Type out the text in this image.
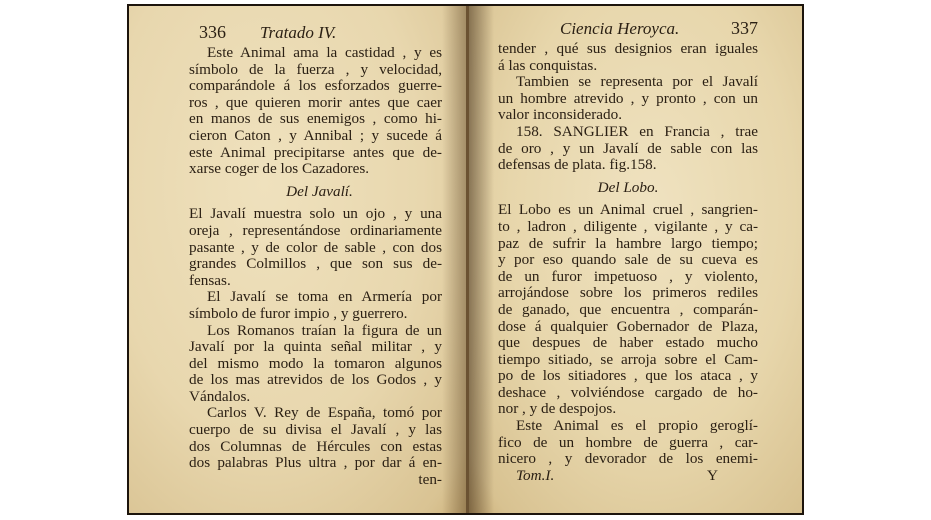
336 Tratado IV.
Este Animal ama la castidad , y es
símbolo de la fuerza , y velocidad,
comparándole á los esforzados guerre-
ros , que quieren morir antes que caer
en manos de sus enemigos , como hi-
cieron Caton , y Annibal ; y sucede á
este Animal precipitarse antes que de-
xarse coger de los Cazadores.
Del Javalí.
El Javalí muestra solo un ojo , y una
oreja , representándose ordinariamente
pasante , y de color de sable , con dos
grandes Colmillos , que son sus de-
fensas.
El Javalí se toma en Armería por
símbolo de furor impio , y guerrero.
Los Romanos traían la figura de un
Javalí por la quinta señal militar , y
del mismo modo la tomaron algunos
de los mas atrevidos de los Godos , y
Vándalos.
Carlos V. Rey de España, tomó por
cuerpo de su divisa el Javalí , y las
dos Columnas de Hércules con estas
dos palabras Plus ultra , por dar á en-
ten-
Ciencia Heroyca.	337
tender , qué sus designios eran iguales
á las conquistas.
Tambien se representa por el Javalí
un hombre atrevido , y pronto , con un
valor inconsiderado.
158. SANGLIER en Francia , trae
de oro , y un Javalí de sable con las
defensas de plata. fig.158.
Del Lobo.
El Lobo es un Animal cruel , sangrien-
to , ladron , diligente , vigilante , y ca-
paz de sufrir la hambre largo tiempo;
y por eso quando sale de su cueva es
de un furor impetuoso , y violento,
arrojándose sobre los primeros rediles
de ganado, que encuentra , comparán-
dose á qualquier Gobernador de Plaza,
que despues de haber estado mucho
tiempo sitiado, se arroja sobre el Cam-
po de los sitiadores , que los ataca , y
deshace , volviéndose cargado de ho-
nor , y de despojos.
Este Animal es el propio geroglí-
fico de un hombre de guerra , car-
nicero , y devorador de los enemi-
Tom.I.	Y
